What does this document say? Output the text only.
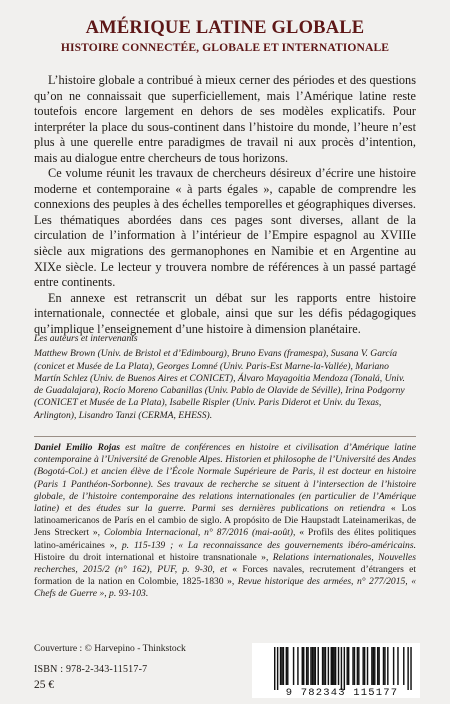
AMÉRIQUE LATINE GLOBALE
HISTOIRE CONNECTÉE, GLOBALE ET INTERNATIONALE

L’histoire globale a contribué à mieux cerner des périodes et des questions qu’on ne connaissait que superficiellement, mais l’Amérique latine reste toutefois encore largement en dehors de ses modèles explicatifs. Pour interpréter la place du sous-continent dans l’histoire du monde, l’heure n’est plus à une querelle entre paradigmes de travail ni aux procès d’intention, mais au dialogue entre chercheurs de tous horizons.

Ce volume réunit les travaux de chercheurs désireux d’écrire une histoire moderne et contemporaine « à parts égales », capable de comprendre les connexions des peuples à des échelles temporelles et géographiques diverses. Les thématiques abordées dans ces pages sont diverses, allant de la circulation de l’information à l’intérieur de l’Empire espagnol au XVIIIe siècle aux migrations des germanophones en Namibie et en Argentine au XIXe siècle. Le lecteur y trouvera nombre de références à un passé partagé entre continents.

En annexe est retranscrit un débat sur les rapports entre histoire internationale, connectée et globale, ainsi que sur les défis pédagogiques qu’implique l’enseignement d’une histoire à dimension planétaire.

Les auteurs et intervenants
Matthew Brown (Univ. de Bristol et d’Edimbourg), Bruno Evans (framespa), Susana V. García (conicet et Musée de La Plata), Georges Lomné (Univ. Paris-Est Marne-la-Vallée), Mariano Martín Schlez (Univ. de Buenos Aires et CONICET), Álvaro Mayagoitia Mendoza (Tonalá, Univ. de Guadalajara), Rocío Moreno Cabanillas (Univ. Pablo de Olavide de Séville), Irina Podgorny (CONICET et Musée de La Plata), Isabelle Rispler (Univ. Paris Diderot et Univ. du Texas, Arlington), Lisandro Tanzi (CERMA, EHESS).
Daniel Emilio Rojas est maître de conférences en histoire et civilisation d’Amérique latine contemporaine à l’Université de Grenoble Alpes. Historien et philosophe de l’Université des Andes (Bogotá-Col.) et ancien élève de l’École Normale Supérieure de Paris, il est docteur en histoire (Paris 1 Panthéon-Sorbonne). Ses travaux de recherche se situent à l’intersection de l’histoire globale, de l’histoire contemporaine des relations internationales (en particulier de l’Amérique latine) et des études sur la guerre. Parmi ses dernières publications on retiendra « Los latinoamericanos de París en el cambio de siglo. A propósito de Die Haupstadt Lateinamerikas, de Jens Streckert », Colombia Internacional, n° 87/2016 (mai-août), « Profils des élites politiques latino-américaines », p. 115-139 ; « La reconnaissance des gouvernements ibéro-américains. Histoire du droit international et histoire transnationale », Relations internationales, Nouvelles recherches, 2015/2 (n° 162), PUF, p. 9-30, et « Forces navales, recrutement d’étrangers et formation de la nation en Colombie, 1825-1830 », Revue historique des armées, n° 277/2015, « Chefs de Guerre », p. 93-103.
Couverture : © Harvepino - Thinkstock
ISBN : 978-2-343-11517-7
25 €
9 782343 115177
